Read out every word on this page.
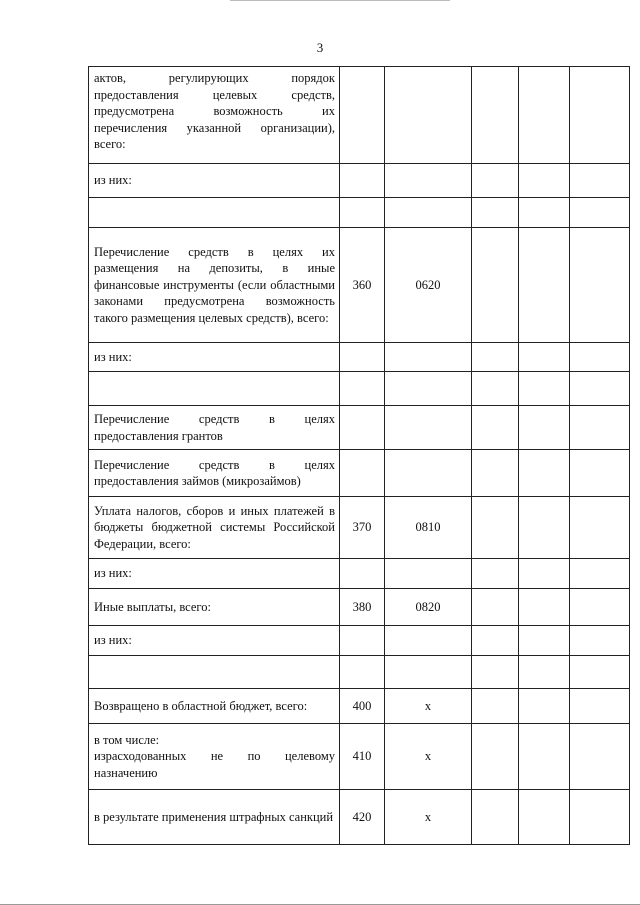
3
актов, регулирующих порядок предоставления целевых средств, предусмотрена возможность их перечисления указанной организации), всего:					

из них:					

Перечисление средств в целях их размещения на депозиты, в иные финансовые инструменты (если областными законами предусмотрена возможность такого размещения целевых средств), всего:	360	0620			

из них:					

Перечисление средств в целях предоставления грантов					

Перечисление средств в целях предоставления займов (микрозаймов)					

Уплата налогов, сборов и иных платежей в бюджеты бюджетной системы Российской Федерации, всего:	370	0810			

из них:					

Иные выплаты, всего:	380	0820			

из них:					

Возвращено в областной бюджет, всего:	400	x			

в том числе:
израсходованных не по целевому назначению	410	x			

в результате применения штрафных санкций	420	x			
